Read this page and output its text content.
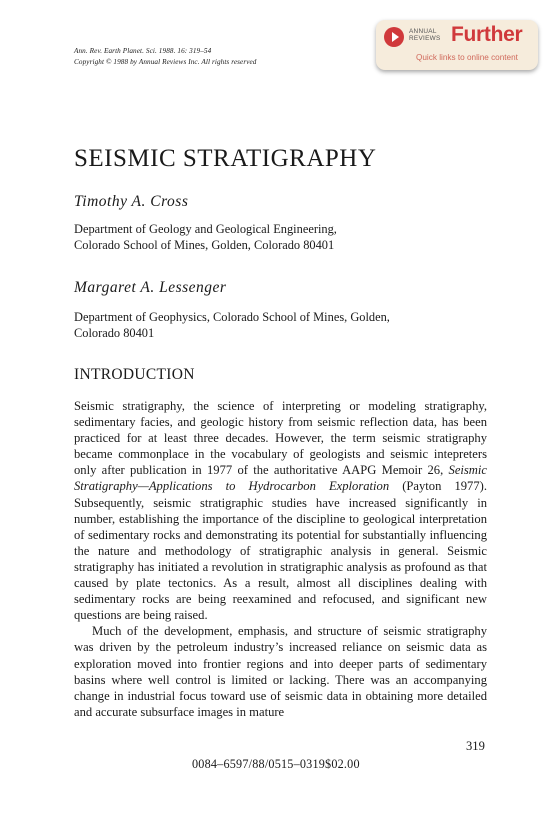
Ann. Rev. Earth Planet. Sci. 1988. 16: 319–54
Copyright © 1988 by Annual Reviews Inc. All rights reserved
ANNUAL
REVIEWS Further
Quick links to online content
SEISMIC STRATIGRAPHY
Timothy A. Cross
Department of Geology and Geological Engineering,
Colorado School of Mines, Golden, Colorado 80401
Margaret A. Lessenger
Department of Geophysics, Colorado School of Mines, Golden,
Colorado 80401
INTRODUCTION

Seismic stratigraphy, the science of interpreting or modeling stratigraphy, sedimentary facies, and geologic history from seismic reflection data, has been practiced for at least three decades. However, the term seismic stratigraphy became commonplace in the vocabulary of geologists and seismic intepreters only after publication in 1977 of the authoritative AAPG Memoir 26, Seismic Stratigraphy—Applications to Hydrocarbon Exploration (Payton 1977). Subsequently, seismic stratigraphic studies have increased significantly in number, establishing the importance of the discipline to geological interpretation of sedimentary rocks and demonstrating its potential for substantially influencing the nature and methodology of stratigraphic analysis in general. Seismic stratigraphy has initiated a revolution in stratigraphic analysis as profound as that caused by plate tectonics. As a result, almost all disciplines dealing with sedimentary rocks are being reexamined and refocused, and significant new questions are being raised.

Much of the development, emphasis, and structure of seismic stratigraphy was driven by the petroleum industry’s increased reliance on seismic data as exploration moved into frontier regions and into deeper parts of sedimentary basins where well control is limited or lacking. There was an accompanying change in industrial focus toward use of seismic data in obtaining more detailed and accurate subsurface images in mature

319
0084–6597/88/0515–0319$02.00
